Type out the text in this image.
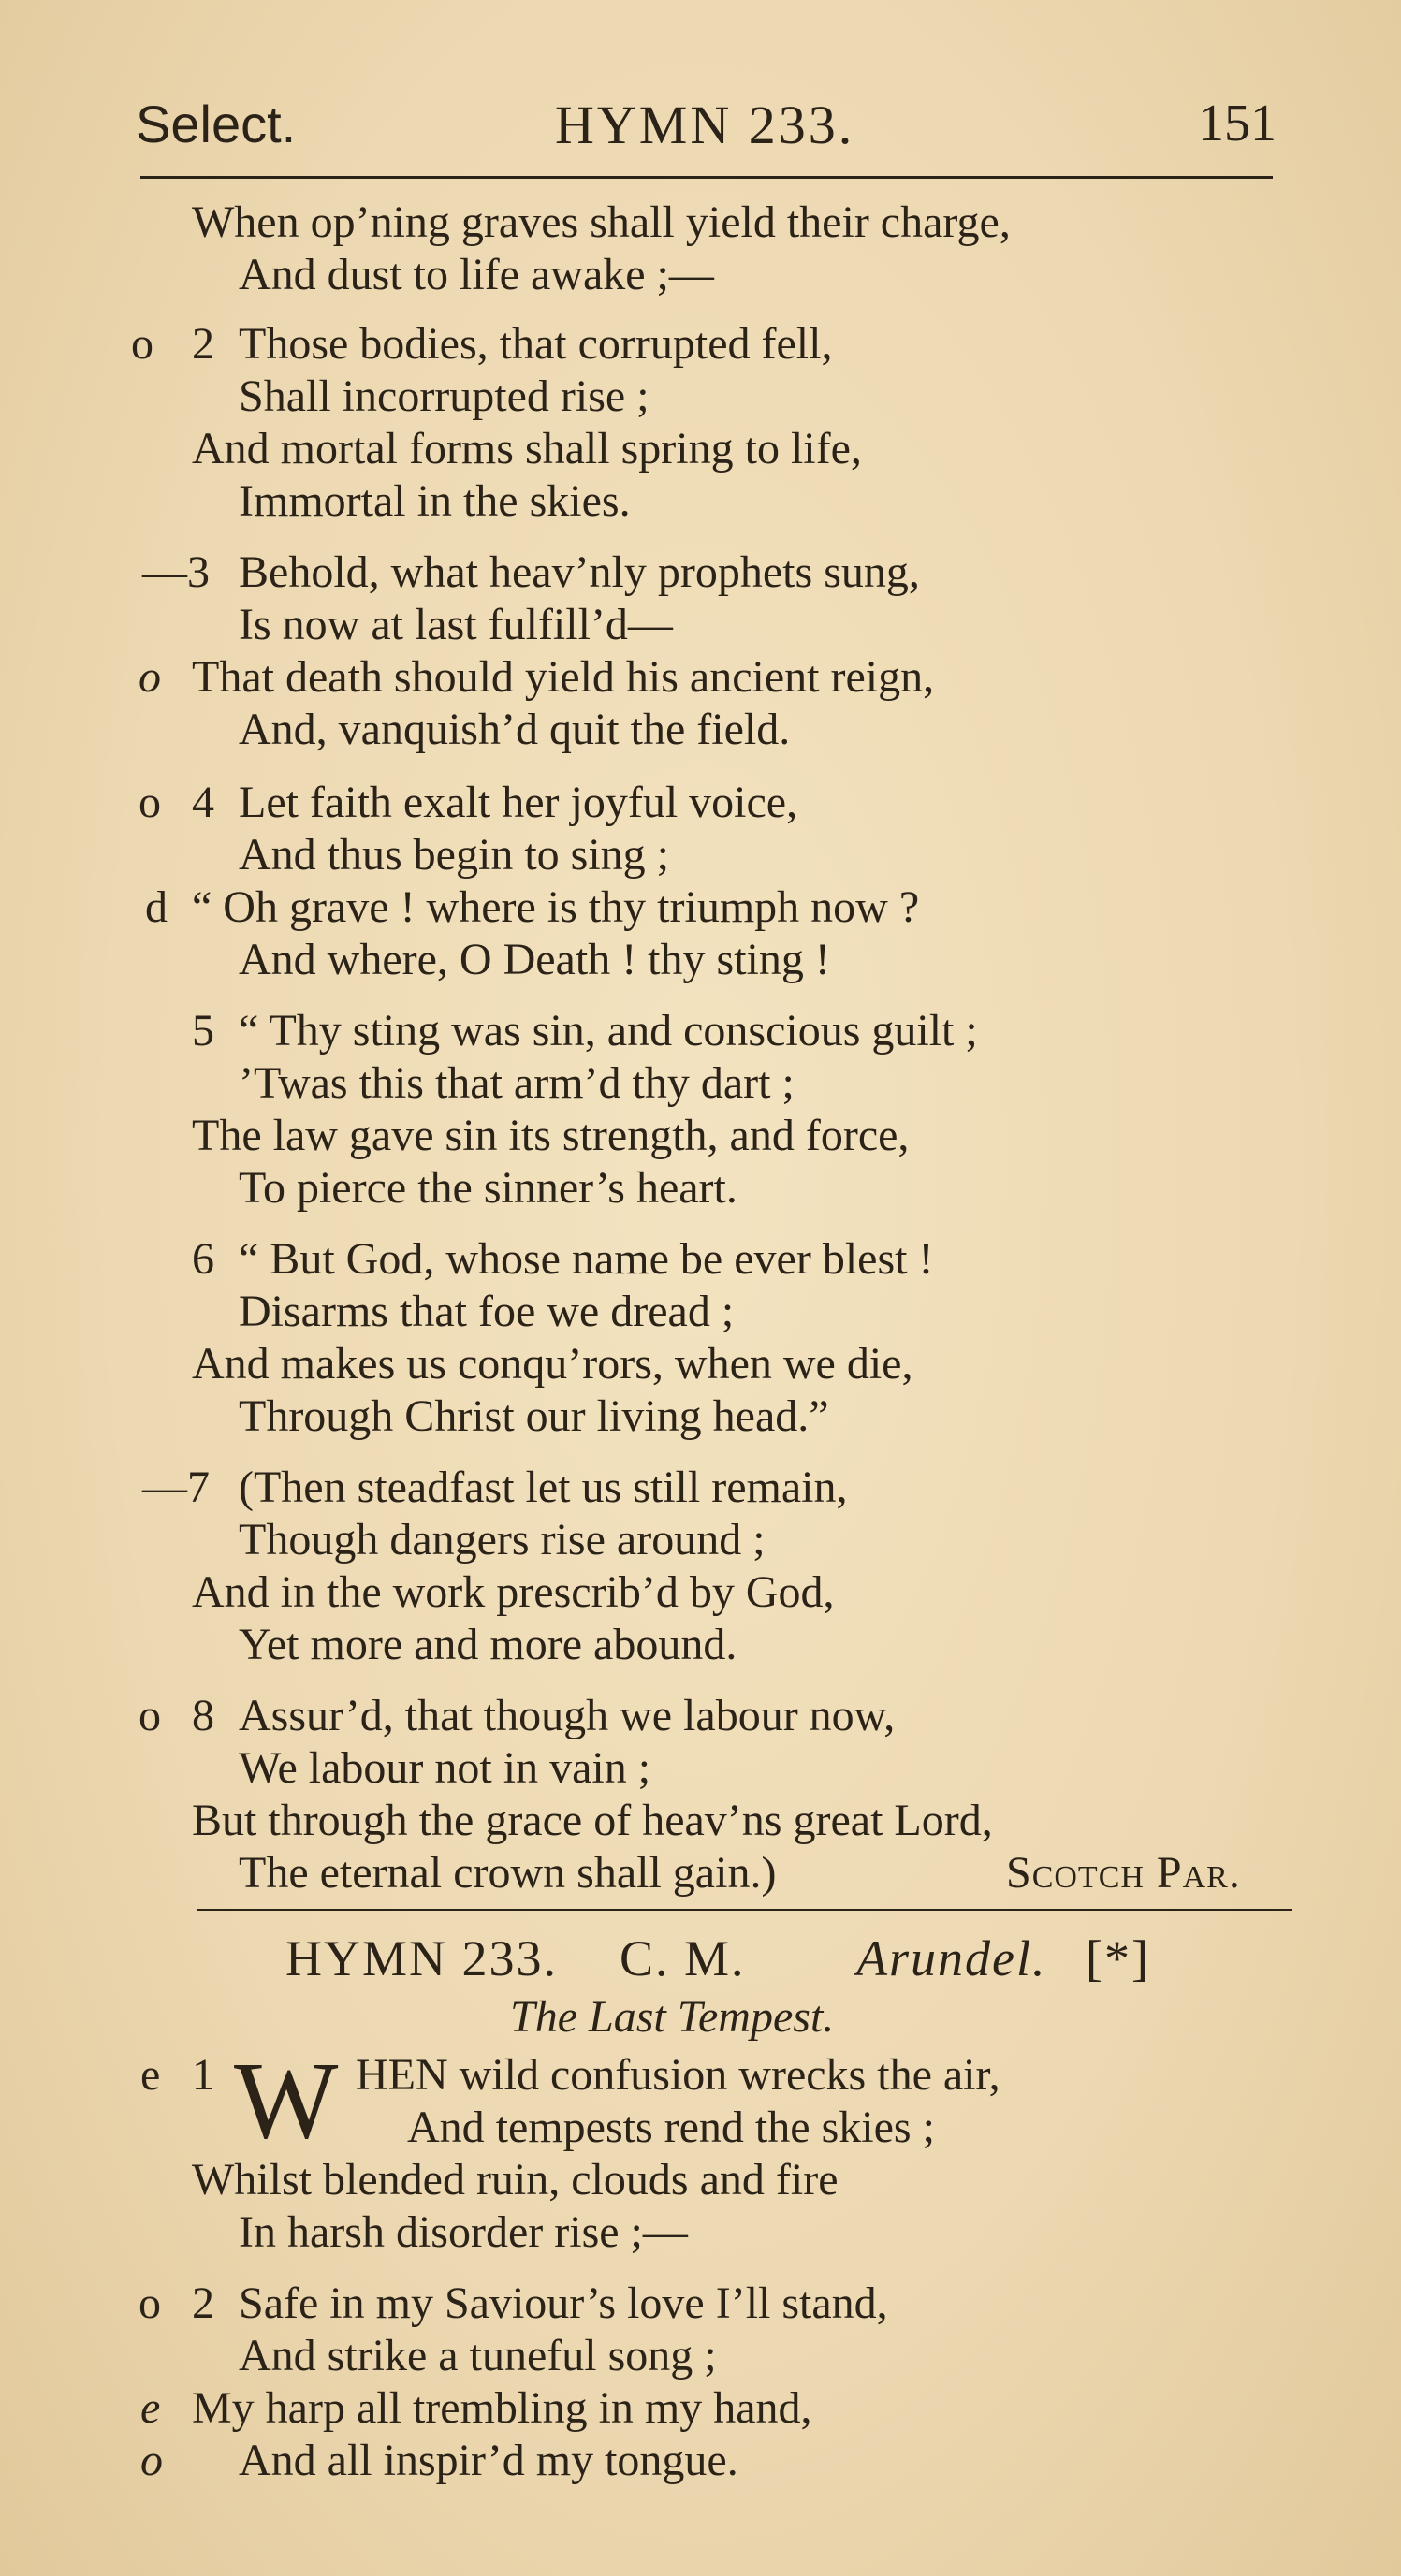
Select.	HYMN 233.	151
When op’ning graves shall yield their charge,
And dust to life awake ;—
o 2 Those bodies, that corrupted fell,
Shall incorrupted rise ;
And mortal forms shall spring to life,
Immortal in the skies.
—3 Behold, what heav’nly prophets sung,
Is now at last fulfill’d—
o That death should yield his ancient reign,
And, vanquish’d quit the field.
o 4 Let faith exalt her joyful voice,
And thus begin to sing ;
d “ Oh grave ! where is thy triumph now ?
And where, O Death ! thy sting !
5 “ Thy sting was sin, and conscious guilt ;
’Twas this that arm’d thy dart ;
The law gave sin its strength, and force,
To pierce the sinner’s heart.
6 “ But God, whose name be ever blest !
Disarms that foe we dread ;
And makes us conqu’rors, when we die,
Through Christ our living head.”
—7 (Then steadfast let us still remain,
Though dangers rise around ;
And in the work prescrib’d by God,
Yet more and more abound.
o 8 Assur’d, that though we labour now,
We labour not in vain ;
But through the grace of heav’ns great Lord,
The eternal crown shall gain.)	Scotch Par.
HYMN 233. C. M. Arundel. [*]
The Last Tempest.
e 1 W HEN wild confusion wrecks the air,
And tempests rend the skies ;
Whilst blended ruin, clouds and fire
In harsh disorder rise ;—
o 2 Safe in my Saviour’s love I’ll stand,
And strike a tuneful song ;
e My harp all trembling in my hand,
o And all inspir’d my tongue.
